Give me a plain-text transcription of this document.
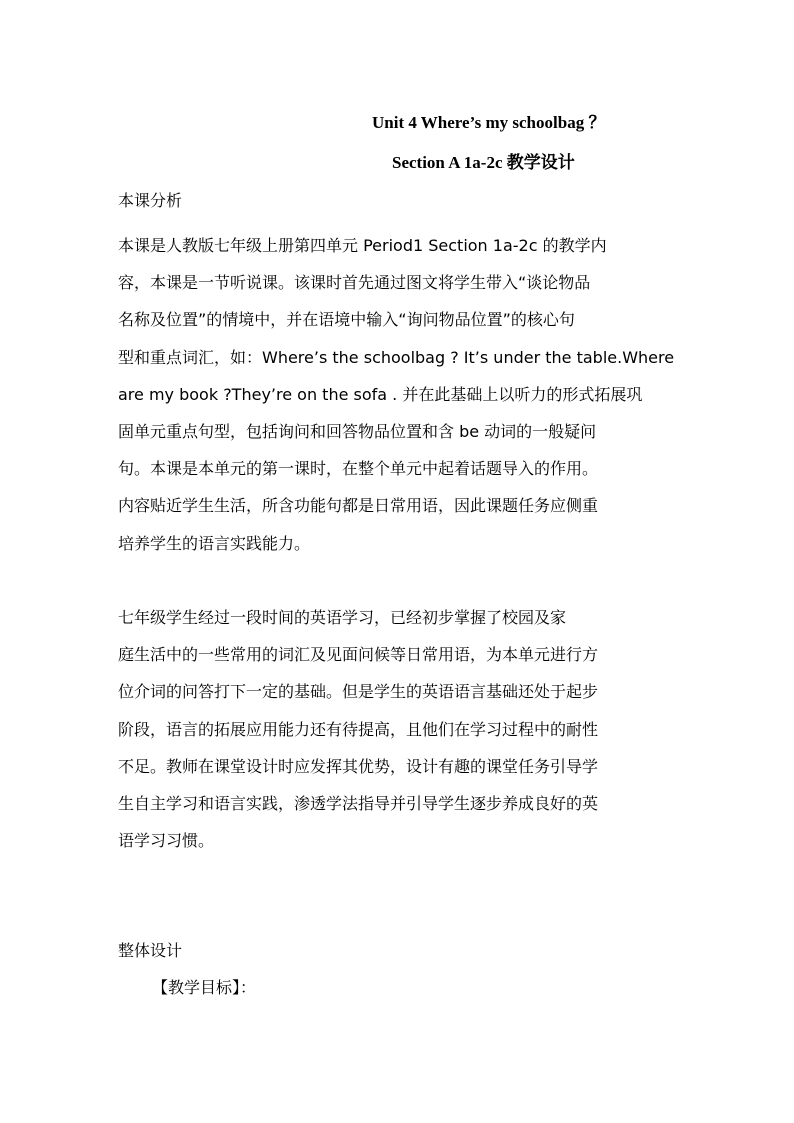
Unit 4 Where’s my schoolbag ？
Section A 1a-2c 教学设计
本课分析
本课是人教版七年级上册第四单元 Period1 Section 1a-2c 的教学内
容，本课是一节听说课。该课时首先通过图文将学生带入“谈论物品
名称及位置”的情境中，并在语境中输入“询问物品位置”的核心句
型和重点词汇，如：Where’s the schoolbag ? It’s under the table.Where
are my book ?They’re on the sofa . 并在此基础上以听力的形式拓展巩
固单元重点句型，包括询问和回答物品位置和含 be 动词的一般疑问
句。本课是本单元的第一课时，在整个单元中起着话题导入的作用。
内容贴近学生生活，所含功能句都是日常用语，因此课题任务应侧重
培养学生的语言实践能力。
七年级学生经过一段时间的英语学习，已经初步掌握了校园及家
庭生活中的一些常用的词汇及见面问候等日常用语，为本单元进行方
位介词的问答打下一定的基础。但是学生的英语语言基础还处于起步
阶段，语言的拓展应用能力还有待提高，且他们在学习过程中的耐性
不足。教师在课堂设计时应发挥其优势，设计有趣的课堂任务引导学
生自主学习和语言实践，渗透学法指导并引导学生逐步养成良好的英
语学习习惯。
整体设计
【教学目标】：
